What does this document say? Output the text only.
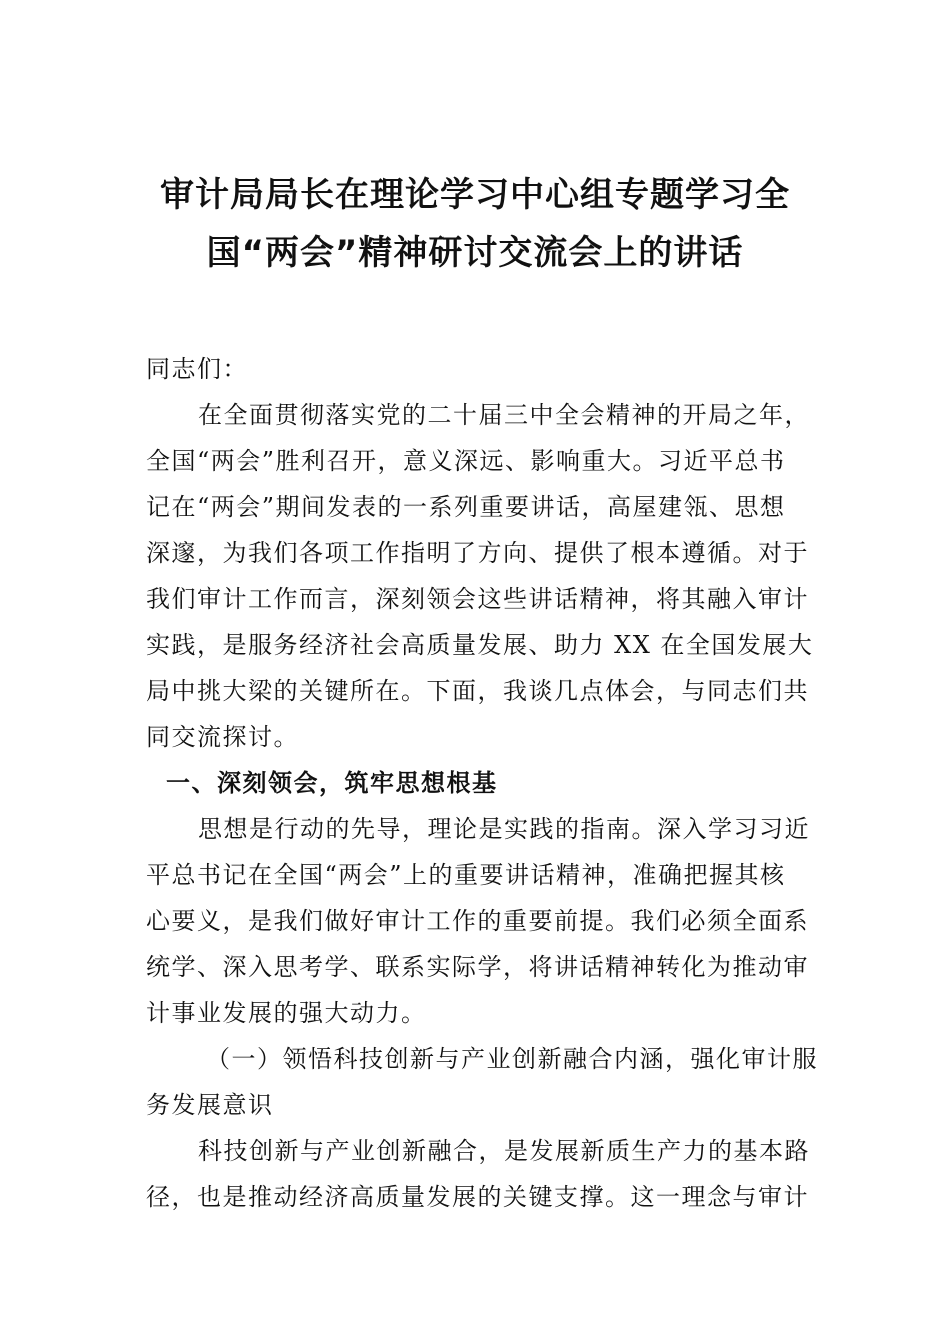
审计局局长在理论学习中心组专题学习全
国“两会”精神研讨交流会上的讲话
同志们：
在全面贯彻落实党的二十届三中全会精神的开局之年，
全国“两会”胜利召开，意义深远、影响重大。习近平总书
记在“两会”期间发表的一系列重要讲话，高屋建瓴、思想
深邃，为我们各项工作指明了方向、提供了根本遵循。对于
我们审计工作而言，深刻领会这些讲话精神，将其融入审计
实践，是服务经济社会高质量发展、助力 XX 在全国发展大
局中挑大梁的关键所在。下面，我谈几点体会，与同志们共
同交流探讨。
一、深刻领会，筑牢思想根基
思想是行动的先导，理论是实践的指南。深入学习习近
平总书记在全国“两会”上的重要讲话精神，准确把握其核
心要义，是我们做好审计工作的重要前提。我们必须全面系
统学、深入思考学、联系实际学，将讲话精神转化为推动审
计事业发展的强大动力。
（一）领悟科技创新与产业创新融合内涵，强化审计服
务发展意识
科技创新与产业创新融合，是发展新质生产力的基本路
径，也是推动经济高质量发展的关键支撑。这一理念与审计
